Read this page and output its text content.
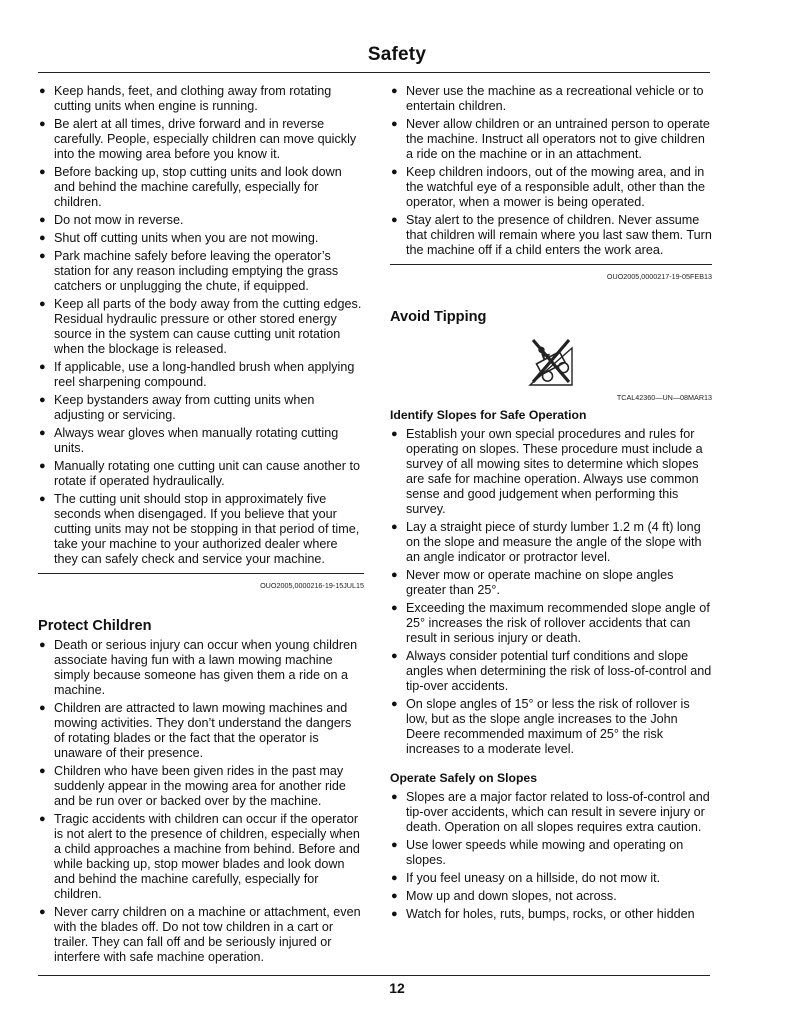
Safety
● Keep hands, feet, and clothing away from rotating cutting units when engine is running.
● Be alert at all times, drive forward and in reverse carefully. People, especially children can move quickly into the mowing area before you know it.
● Before backing up, stop cutting units and look down and behind the machine carefully, especially for children.
● Do not mow in reverse.
● Shut off cutting units when you are not mowing.
● Park machine safely before leaving the operator’s station for any reason including emptying the grass catchers or unplugging the chute, if equipped.
● Keep all parts of the body away from the cutting edges. Residual hydraulic pressure or other stored energy source in the system can cause cutting unit rotation when the blockage is released.
● If applicable, use a long-handled brush when applying reel sharpening compound.
● Keep bystanders away from cutting units when adjusting or servicing.
● Always wear gloves when manually rotating cutting units.
● Manually rotating one cutting unit can cause another to rotate if operated hydraulically.
● The cutting unit should stop in approximately five seconds when disengaged. If you believe that your cutting units may not be stopping in that period of time, take your machine to your authorized dealer where they can safely check and service your machine.
OUO2005,0000216-19-15JUL15
Protect Children
● Death or serious injury can occur when young children associate having fun with a lawn mowing machine simply because someone has given them a ride on a machine.
● Children are attracted to lawn mowing machines and mowing activities. They don’t understand the dangers of rotating blades or the fact that the operator is unaware of their presence.
● Children who have been given rides in the past may suddenly appear in the mowing area for another ride and be run over or backed over by the machine.
● Tragic accidents with children can occur if the operator is not alert to the presence of children, especially when a child approaches a machine from behind. Before and while backing up, stop mower blades and look down and behind the machine carefully, especially for children.
● Never carry children on a machine or attachment, even with the blades off. Do not tow children in a cart or trailer. They can fall off and be seriously injured or interfere with safe machine operation.
● Never use the machine as a recreational vehicle or to entertain children.
● Never allow children or an untrained person to operate the machine. Instruct all operators not to give children a ride on the machine or in an attachment.
● Keep children indoors, out of the mowing area, and in the watchful eye of a responsible adult, other than the operator, when a mower is being operated.
● Stay alert to the presence of children. Never assume that children will remain where you last saw them. Turn the machine off if a child enters the work area.
OUO2005,0000217-19-05FEB13
Avoid Tipping
TCAL42360—UN—08MAR13
Identify Slopes for Safe Operation
● Establish your own special procedures and rules for operating on slopes. These procedure must include a survey of all mowing sites to determine which slopes are safe for machine operation. Always use common sense and good judgement when performing this survey.
● Lay a straight piece of sturdy lumber 1.2 m (4 ft) long on the slope and measure the angle of the slope with an angle indicator or protractor level.
● Never mow or operate machine on slope angles greater than 25°.
● Exceeding the maximum recommended slope angle of 25° increases the risk of rollover accidents that can result in serious injury or death.
● Always consider potential turf conditions and slope angles when determining the risk of loss-of-control and tip-over accidents.
● On slope angles of 15° or less the risk of rollover is low, but as the slope angle increases to the John Deere recommended maximum of 25° the risk increases to a moderate level.
Operate Safely on Slopes
● Slopes are a major factor related to loss-of-control and tip-over accidents, which can result in severe injury or death. Operation on all slopes requires extra caution.
● Use lower speeds while mowing and operating on slopes.
● If you feel uneasy on a hillside, do not mow it.
● Mow up and down slopes, not across.
● Watch for holes, ruts, bumps, rocks, or other hidden
12
